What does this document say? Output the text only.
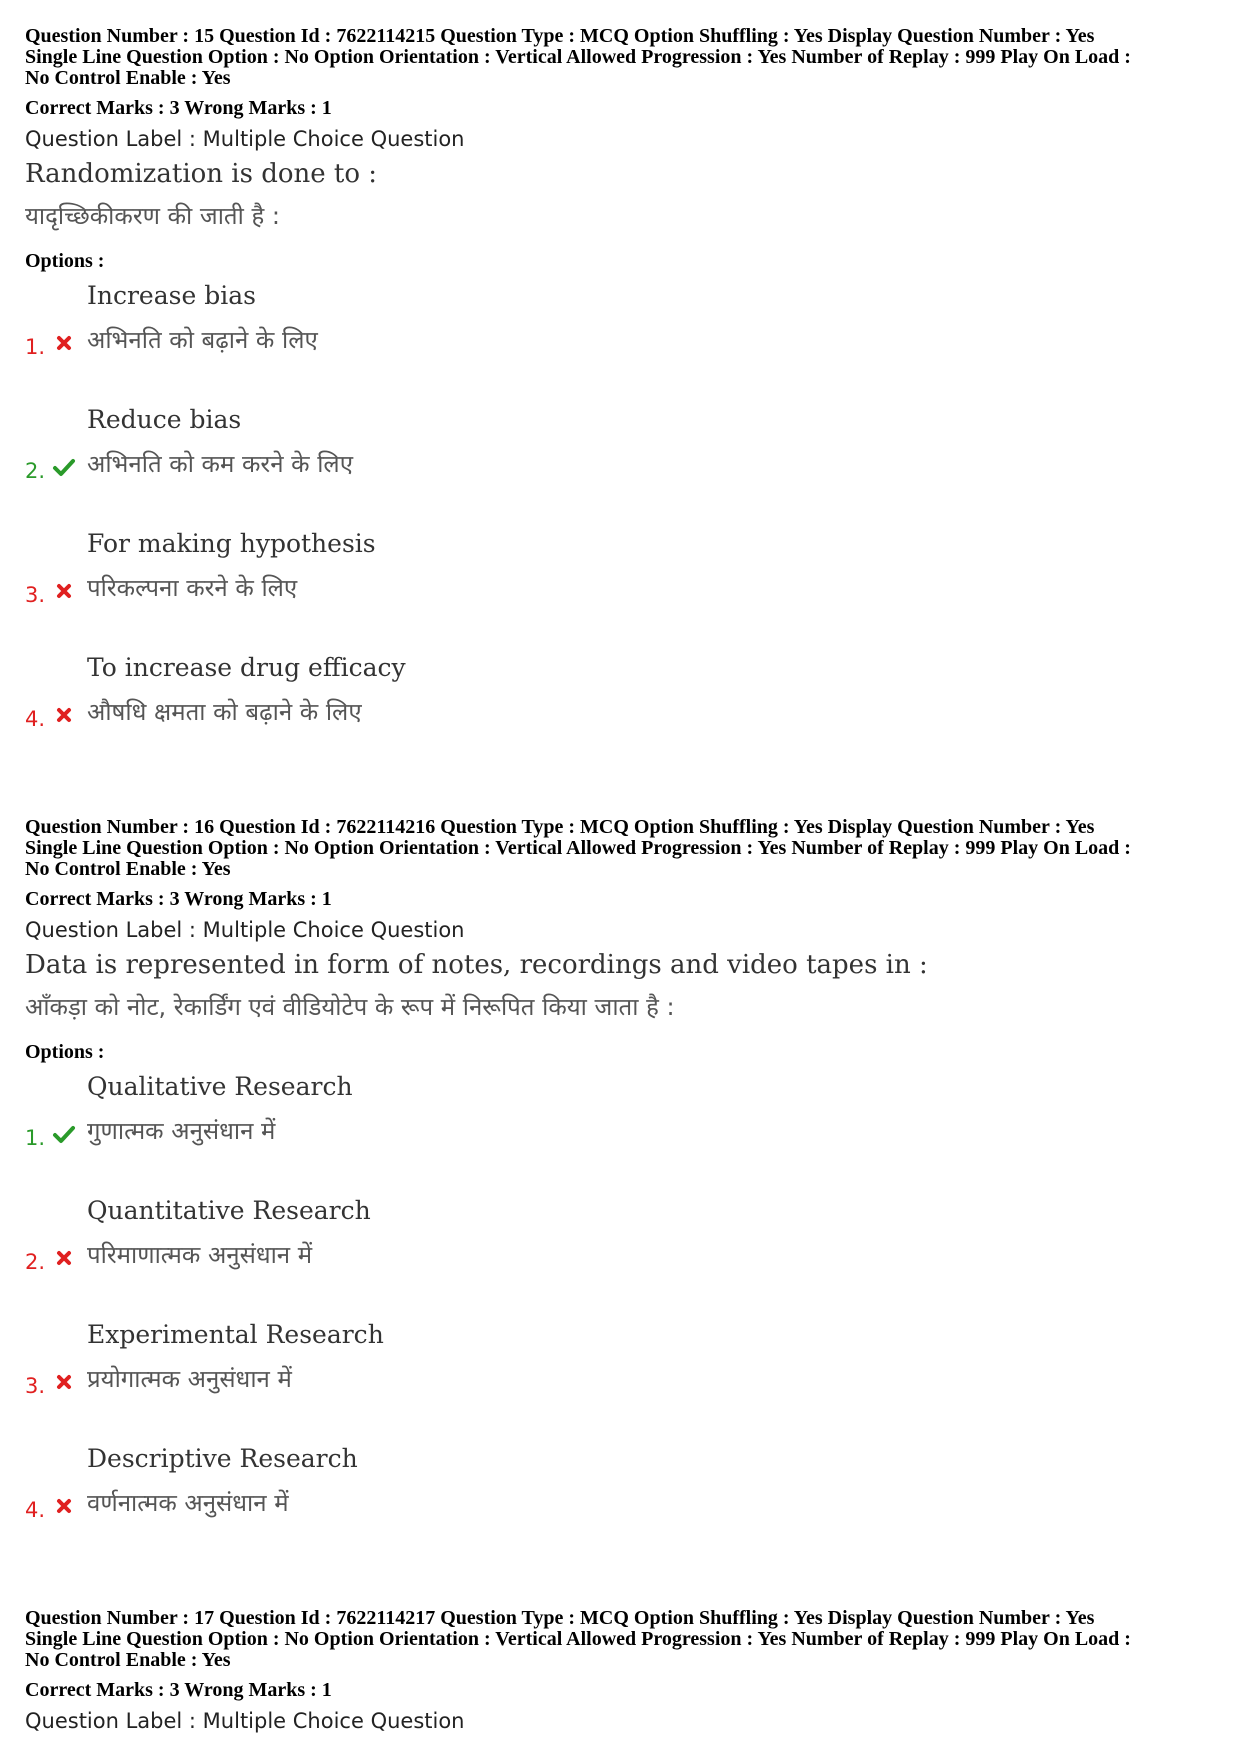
Question Number : 15 Question Id : 7622114215 Question Type : MCQ Option Shuffling : Yes Display Question Number : Yes
Single Line Question Option : No Option Orientation : Vertical Allowed Progression : Yes Number of Replay : 999 Play On Load :
No Control Enable : Yes
Correct Marks : 3 Wrong Marks : 1
Question Label : Multiple Choice Question
Randomization is done to :
यादृच्छिकीकरण की जाती है :
Options :
Increase bias
1. अभिनति को बढ़ाने के लिए
Reduce bias
2. अभिनति को कम करने के लिए
For making hypothesis
3. परिकल्पना करने के लिए
To increase drug efficacy
4. औषधि क्षमता को बढ़ाने के लिए
Question Number : 16 Question Id : 7622114216 Question Type : MCQ Option Shuffling : Yes Display Question Number : Yes
Single Line Question Option : No Option Orientation : Vertical Allowed Progression : Yes Number of Replay : 999 Play On Load :
No Control Enable : Yes
Correct Marks : 3 Wrong Marks : 1
Question Label : Multiple Choice Question
Data is represented in form of notes, recordings and video tapes in :
आँकड़ा को नोट, रेकार्डिंग एवं वीडियोटेप के रूप में निरूपित किया जाता है :
Options :
Qualitative Research
1. गुणात्मक अनुसंधान में
Quantitative Research
2. परिमाणात्मक अनुसंधान में
Experimental Research
3. प्रयोगात्मक अनुसंधान में
Descriptive Research
4. वर्णनात्मक अनुसंधान में
Question Number : 17 Question Id : 7622114217 Question Type : MCQ Option Shuffling : Yes Display Question Number : Yes
Single Line Question Option : No Option Orientation : Vertical Allowed Progression : Yes Number of Replay : 999 Play On Load :
No Control Enable : Yes
Correct Marks : 3 Wrong Marks : 1
Question Label : Multiple Choice Question
